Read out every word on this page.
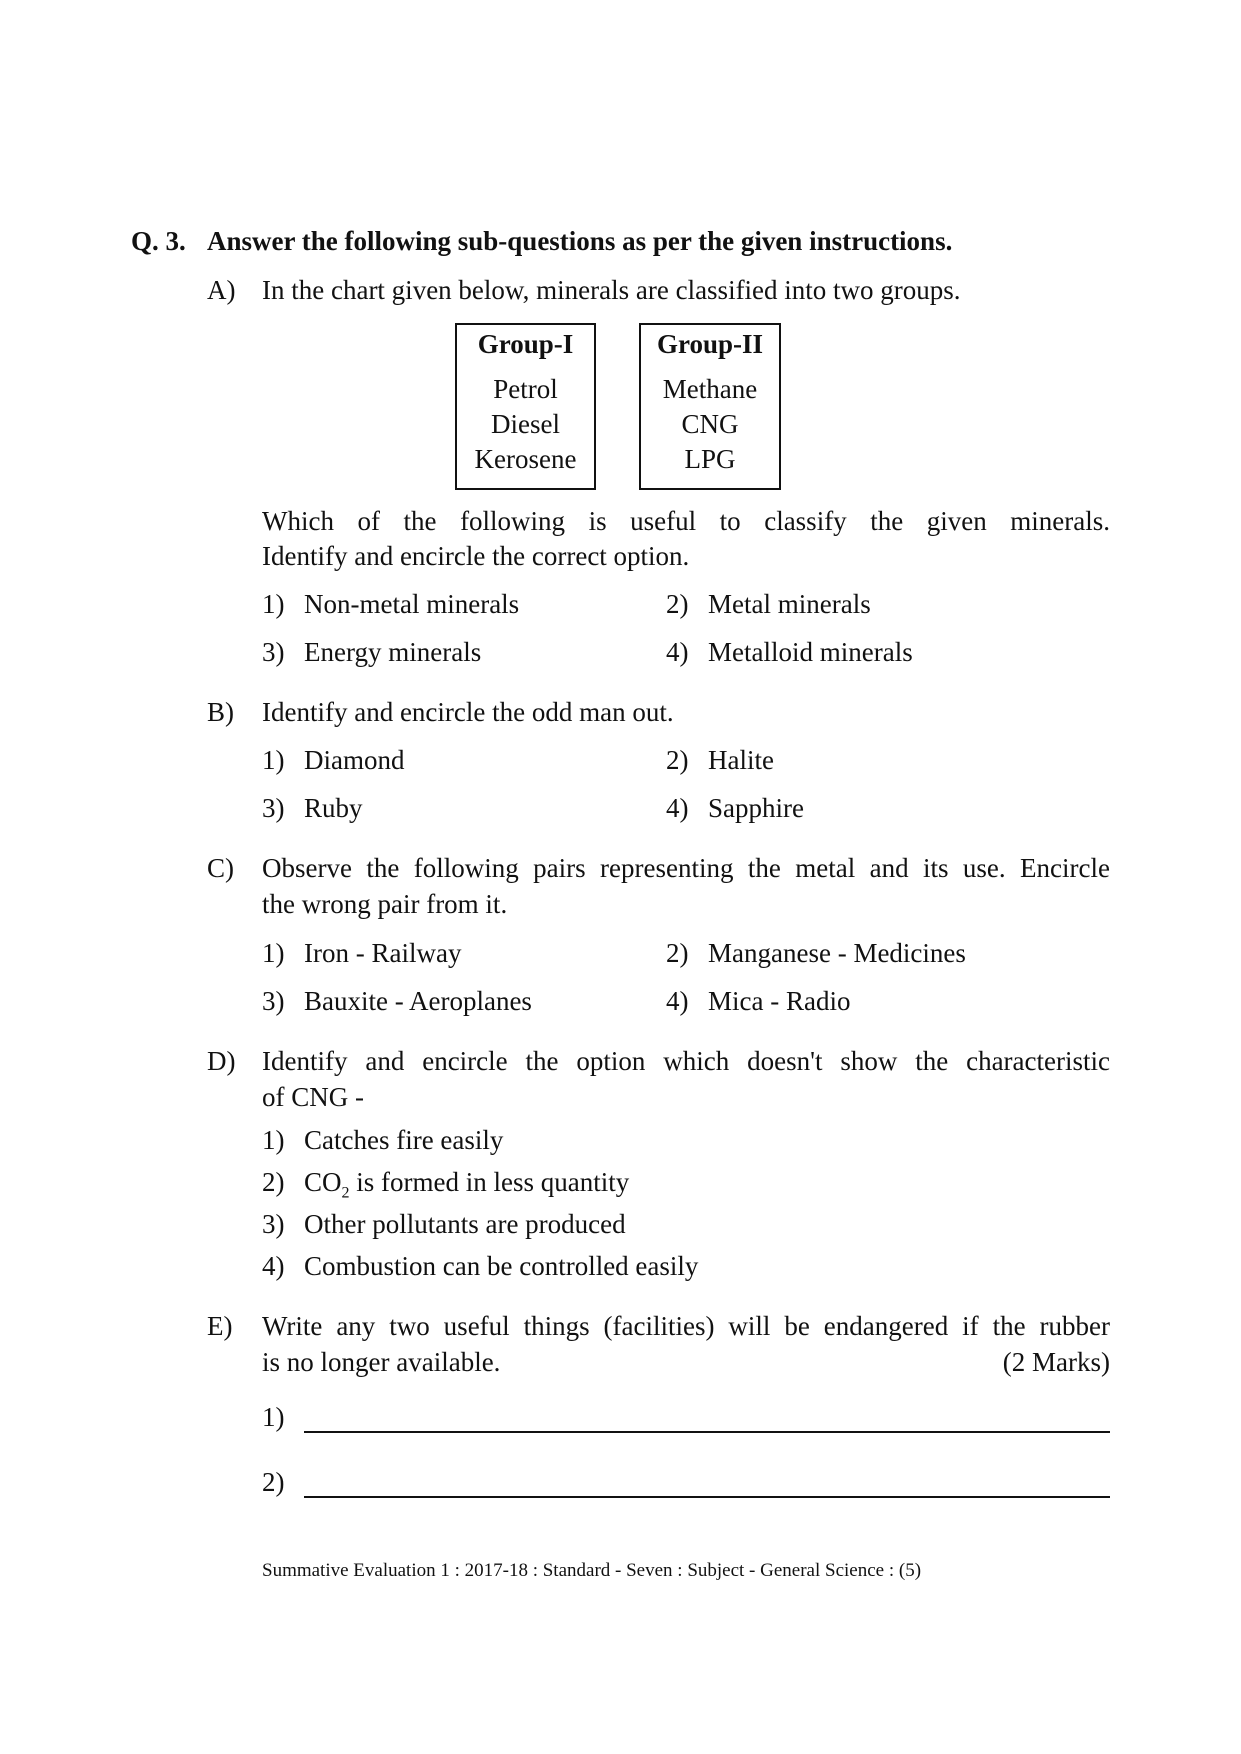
Q. 3. Answer the following sub-questions as per the given instructions.
A) In the chart given below, minerals are classified into two groups.
Group-I
Petrol
Diesel
Kerosene
Group-II
Methane
CNG
LPG
Which of the following is useful to classify the given minerals.
Identify and encircle the correct option.
1) Non-metal minerals	2) Metal minerals
3) Energy minerals	4) Metalloid minerals
B) Identify and encircle the odd man out.
1) Diamond	2) Halite
3) Ruby	4) Sapphire
C) Observe the following pairs representing the metal and its use. Encircle
the wrong pair from it.
1) Iron - Railway	2) Manganese - Medicines
3) Bauxite - Aeroplanes	4) Mica - Radio
D) Identify and encircle the option which doesn't show the characteristic
of CNG -
1) Catches fire easily
2) $CO_2$ is formed in less quantity
3) Other pollutants are produced
4) Combustion can be controlled easily
E) Write any two useful things (facilities) will be endangered if the rubber
is no longer available.	(2 Marks)
1)
2)
Summative Evaluation 1 : 2017-18 : Standard - Seven : Subject - General Science : (5)
